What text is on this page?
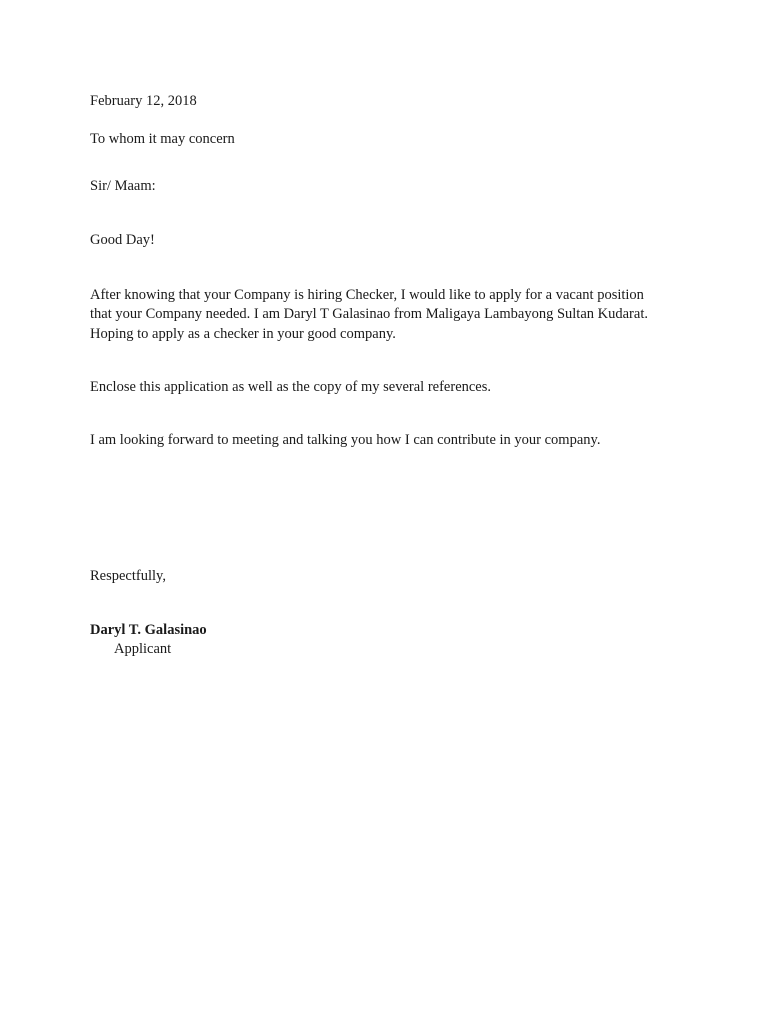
February 12, 2018

To whom it may concern

Sir/ Maam:

Good Day!

After knowing that your Company is hiring Checker, I would like to apply for a vacant position
that your Company needed. I am Daryl T Galasinao from Maligaya Lambayong Sultan Kudarat.
Hoping to apply as a checker in your good company.

Enclose this application as well as the copy of my several references.

I am looking forward to meeting and talking you how I can contribute in your company.

Respectfully,

Daryl T. Galasinao

Applicant
